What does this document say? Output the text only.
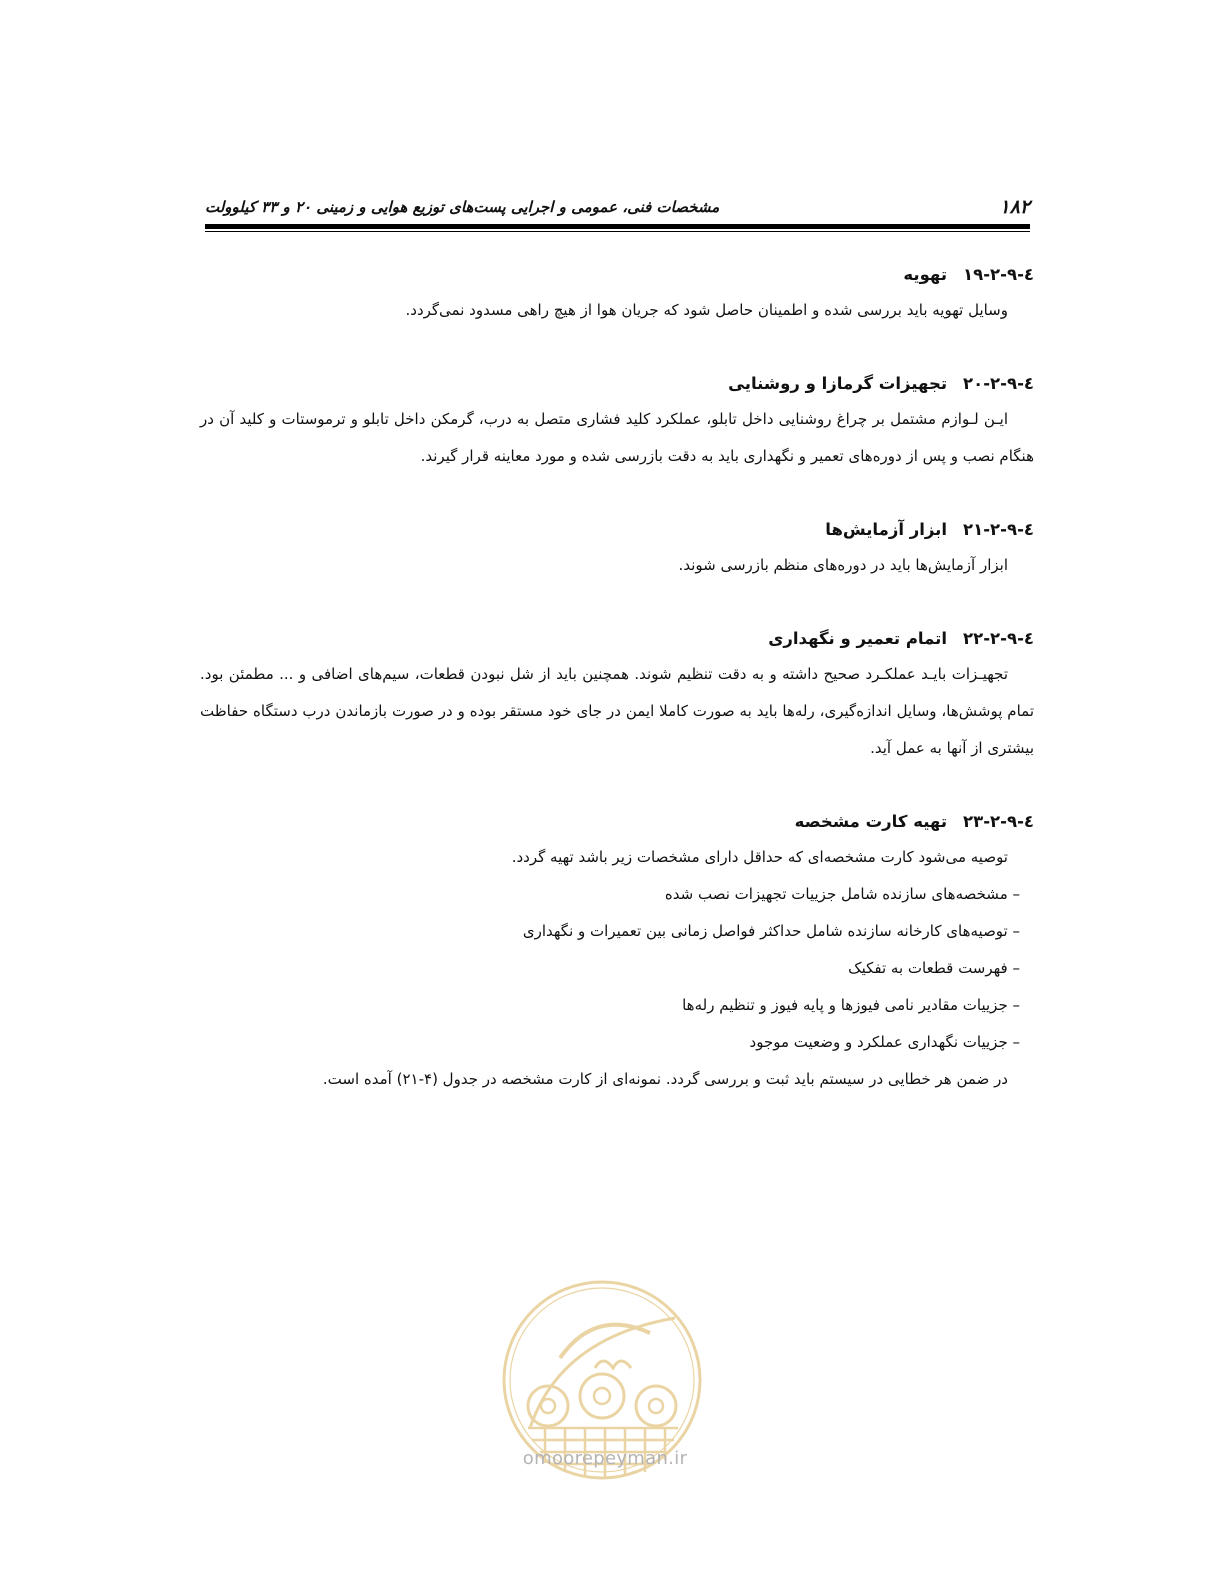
۱۸۲
مشخصات فنی، عمومی و اجرایی پست‌های توزیع هوایی و زمینی ۲۰ و ۳۳ کیلوولت
٤-٩-٢-١٩تهویه

وسایل تهویه باید بررسی شده و اطمینان حاصل شود که جریان هوا از هیچ راهی مسدود نمی‌گردد.

٤-٩-٢-٢٠تجهیزات گرمازا و روشنایی

ایـن لـوازم مشتمل بر چراغ روشنایی داخل تابلو، عملکرد کلید فشاری متصل به درب، گرمکن داخل تابلو و ترموستات و کلید آن در هنگام نصب و پس از دوره‌های تعمیر و نگهداری باید به دقت بازرسی شده و مورد معاینه قرار گیرند.

٤-٩-٢-٢١ابزار آزمایش‌ها

ابزار آزمایش‌ها باید در دوره‌های منظم بازرسی شوند.

٤-٩-٢-٢٢اتمام تعمیر و نگهداری

تجهیـزات بایـد عملکـرد صحیح داشته و به دقت تنظیم شوند. همچنین باید از شل نبودن قطعات، سیم‌های اضافی و ... مطمئن بود. تمام پوشش‌ها، وسایل اندازه‌گیری، رله‌ها باید به صورت کاملا ایمن در جای خود مستقر بوده و در صورت بازماندن درب دستگاه حفاظت بیشتری از آنها به عمل آید.

٤-٩-٢-٢٣تهیه کارت مشخصه

توصیه می‌شود کارت مشخصه‌ای که حداقل دارای مشخصات زیر باشد تهیه گردد.

– مشخصه‌های سازنده شامل جزییات تجهیزات نصب شده

– توصیه‌های کارخانه سازنده شامل حداکثر فواصل زمانی بین تعمیرات و نگهداری

– فهرست قطعات به تفکیک

– جزییات مقادیر نامی فیوزها و پایه فیوز و تنظیم رله‌ها

– جزییات نگهداری عملکرد و وضعیت موجود

در ضمن هر خطایی در سیستم باید ثبت و بررسی گردد. نمونه‌ای از کارت مشخصه در جدول (۴-۲۱) آمده است.

omoorepeyman.ir
